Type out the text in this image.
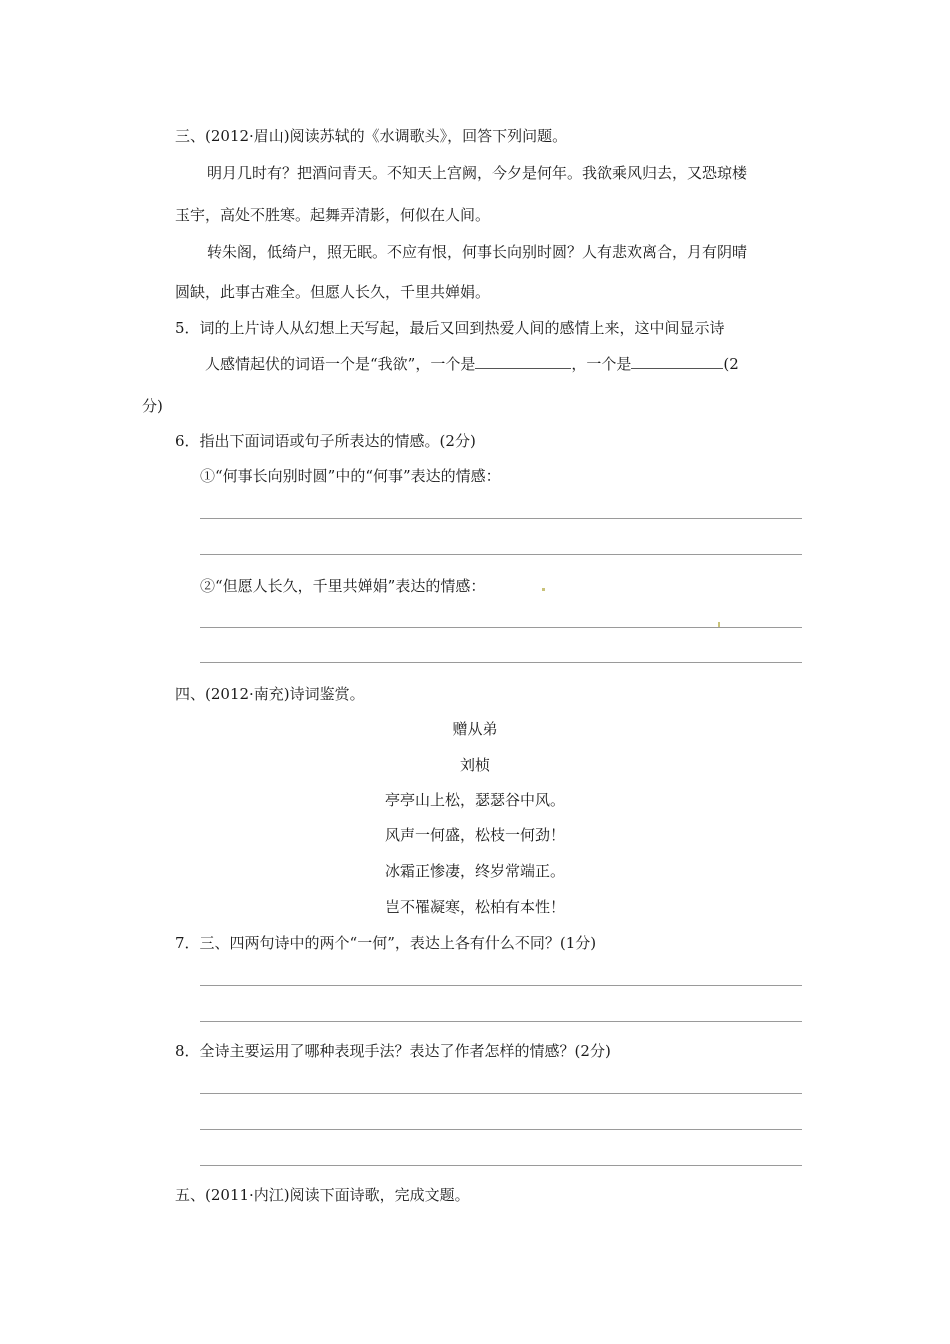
三、(2012·眉山)阅读苏轼的《水调歌头》，回答下列问题。
明月几时有？把酒问青天。不知天上宫阙，今夕是何年。我欲乘风归去，又恐琼楼
玉宇，高处不胜寒。起舞弄清影，何似在人间。
转朱阁，低绮户，照无眠。不应有恨，何事长向别时圆？人有悲欢离合，月有阴晴
圆缺，此事古难全。但愿人长久，千里共婵娟。
5．词的上片诗人从幻想上天写起，最后又回到热爱人间的感情上来，这中间显示诗
人感情起伏的词语一个是“我欲”，一个是	，一个是	(2
分)
6．指出下面词语或句子所表达的情感。(2分)
①“何事长向别时圆”中的“何事”表达的情感：
②“但愿人长久，千里共婵娟”表达的情感：
四、(2012·南充)诗词鉴赏。
赠从弟
刘桢
亭亭山上松，瑟瑟谷中风。
风声一何盛，松枝一何劲！
冰霜正惨凄，终岁常端正。
岂不罹凝寒，松柏有本性！
7．三、四两句诗中的两个“一何”，表达上各有什么不同？(1分)
8．全诗主要运用了哪种表现手法？表达了作者怎样的情感？(2分)
五、(2011·内江)阅读下面诗歌，完成文题。
